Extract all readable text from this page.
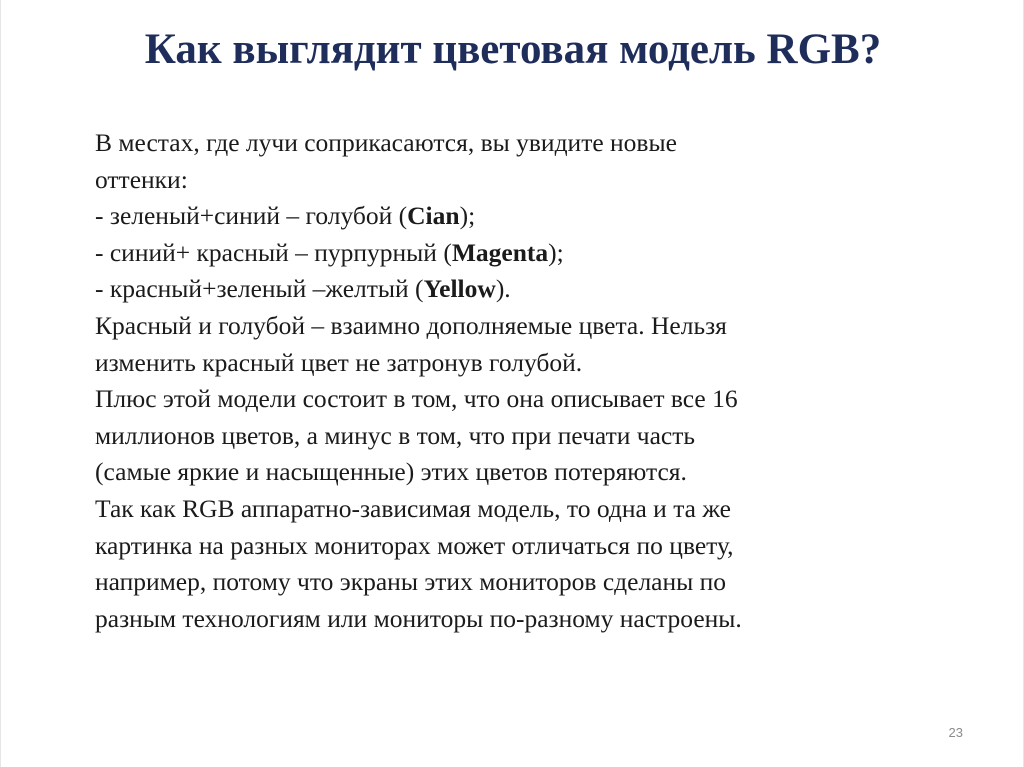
Как выглядит цветовая модель RGB?
В местах, где лучи соприкасаются, вы увидите новые
оттенки:
- зеленый+синий – голубой (Cian);
- синий+ красный – пурпурный (Magenta);
- красный+зеленый –желтый (Yellow).
Красный и голубой – взаимно дополняемые цвета. Нельзя
изменить красный цвет не затронув голубой.
Плюс этой модели состоит в том, что она описывает все 16
миллионов цветов, а минус в том, что при печати часть
(самые яркие и насыщенные) этих цветов потеряются.
Так как RGB аппаратно-зависимая модель, то одна и та же
картинка на разных мониторах может отличаться по цвету,
например, потому что экраны этих мониторов сделаны по
разным технологиям или мониторы по-разному настроены.
23
